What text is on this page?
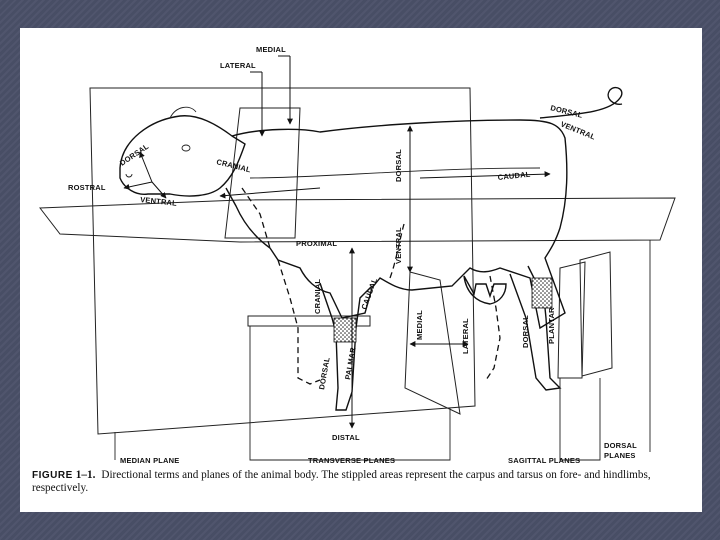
MEDIAL
LATERAL
DORSAL
ROSTRAL
VENTRAL
CRANIAL	DORSAL
VENTRAL
CAUDAL
DORSAL
VENTRAL
PROXIMAL
CRANIAL	CAUDAL
DORSAL PALMAR
DISTAL
MEDIAL	LATERAL	DORSAL PLANTAR
MEDIAN PLANE	TRANSVERSE PLANES	SAGITTAL PLANES
DORSAL
PLANES
FIGURE 1–1. Directional terms and planes of the animal body. The stippled areas represent the carpus and tarsus on fore- and hindlimbs, respectively.
